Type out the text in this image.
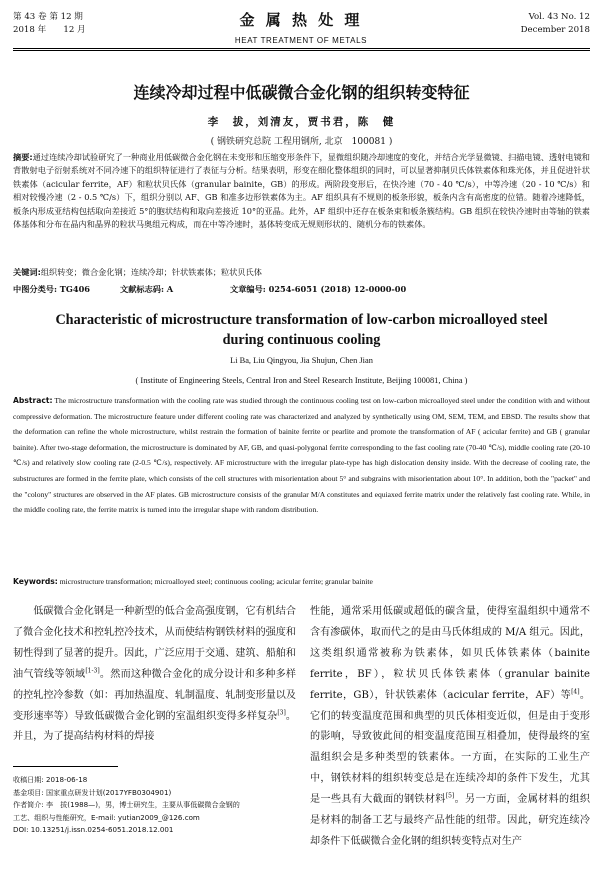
第 43 卷 第 12 期
2018 年　　12 月
金 属 热 处 理
HEAT TREATMENT OF METALS
Vol. 43 No. 12
December 2018
连续冷却过程中低碳微合金化钢的组织转变特征
李　拔，刘清友，贾书君，陈　健
( 钢铁研究总院 工程用钢所, 北京　100081 )
摘要:通过连续冷却试验研究了一种商业用低碳微合金化钢在未变形和压缩变形条件下，显微组织随冷却速度的变化，并结合光学显微镜、扫描电镜、透射电镜和背散射电子衍射系统对不同冷速下的组织特征进行了表征与分析。结果表明，形变在细化整体组织的同时，可以显著抑制贝氏体铁素体和珠光体，并且促进针状铁素体（acicular ferrite，AF）和粒状贝氏体（granular bainite，GB）的形成。两阶段变形后，在快冷速（70 - 40 ℃/s），中等冷速（20 - 10 ℃/s）和相对较慢冷速（2 - 0.5 ℃/s）下，组织分别以 AF、GB 和准多边形铁素体为主。AF 组织具有不规则的板条形貌，板条内含有高密度的位错。随着冷速降低，板条内形成亚结构包括取向差接近 5°的胞状结构和取向差接近 10°的亚晶。此外，AF 组织中还存在板条束和板条簇结构。GB 组织在较快冷速时由等轴的铁素体基体和分布在晶内和晶界的粒状马奥组元构成，而在中等冷速时，基体转变成无规则形状的、随机分布的铁素体。
关键词:组织转变；微合金化钢；连续冷却；针状铁素体；粒状贝氏体
中图分类号: TG406	文献标志码: A	文章编号: 0254-6051 (2018) 12-0000-00
Characteristic of microstructure transformation of low-carbon microalloyed steel during continuous cooling
Li Ba, Liu Qingyou, Jia Shujun, Chen Jian
( Institute of Engineering Steels, Central Iron and Steel Research Institute, Beijing 100081, China )
Abstract: The microstructure transformation with the cooling rate was studied through the continuous cooling test on low-carbon microalloyed steel under the condition with and without compressive deformation. The microstructure feature under different cooling rate was characterized and analyzed by synthetically using OM, SEM, TEM, and EBSD. The results show that the deformation can refine the whole microstructure, whilst restrain the formation of bainite ferrite or pearlite and promote the transformation of AF ( acicular ferrite) and GB ( granular bainite). After two-stage deformation, the microstructure is dominated by AF, GB, and quasi-polygonal ferrite corresponding to the fast cooling rate (70-40 ℃/s), middle cooling rate (20-10 ℃/s) and relatively slow cooling rate (2-0.5 ℃/s), respectively. AF microstructure with the irregular plate-type has high dislocation density inside. With the decrease of cooling rate, the substructures are formed in the ferrite plate, which consists of the cell structures with misorientation about 5° and subgrains with misorientation about 10°. In addition, both the "packet" and the "colony" structures are observed in the AF plates. GB microstructure consists of the granular M/A constitutes and equiaxed ferrite matrix under the relatively fast cooling rate. While, in the middle cooling rate, the ferrite matrix is turned into the irregular shape with random distribution.
Keywords: microstructure transformation; microalloyed steel; continuous cooling; acicular ferrite; granular bainite

低碳微合金化钢是一种新型的低合金高强度钢，它有机结合了微合金化技术和控轧控冷技术，从而使结构钢铁材料的强度和韧性得到了显著的提升。因此，广泛应用于交通、建筑、船舶和油气管线等领域[1-3]。然而这种微合金化的成分设计和多种多样的控轧控冷参数（如：再加热温度、轧制温度、轧制变形量以及变形速率等）导致低碳微合金化钢的室温组织变得多样复杂[3]。并且，为了提高结构材料的焊接

性能，通常采用低碳或超低的碳含量，使得室温组织中通常不含有渗碳体，取而代之的是由马氏体组成的 M/A 组元。因此，这类组织通常被称为铁素体，如贝氏体铁素体（bainite ferrite，BF），粒状贝氏体铁素体（granular bainite ferrite，GB），针状铁素体（acicular ferrite，AF）等[4]。它们的转变温度范围和典型的贝氏体相变近似，但是由于变形的影响，导致彼此间的相变温度范围互相叠加，使得最终的室温组织会是多种类型的铁素体。一方面，在实际的工业生产中，钢铁材料的组织转变总是在连续冷却的条件下发生，尤其是一些具有大截面的钢铁材料[5]。另一方面，金属材料的组织是材料的制备工艺与最终产品性能的纽带。因此，研究连续冷却条件下低碳微合金化钢的组织转变特点对生产

收稿日期: 2018-06-18
基金项目: 国家重点研发计划(2017YFB0304901)
作者简介: 李　拔(1988—)，男，博士研究生，主要从事低碳微合金钢的
工艺、组织与性能研究，E-mail: yutian2009_@126.com
DOI: 10.13251/j.issn.0254-6051.2018.12.001
